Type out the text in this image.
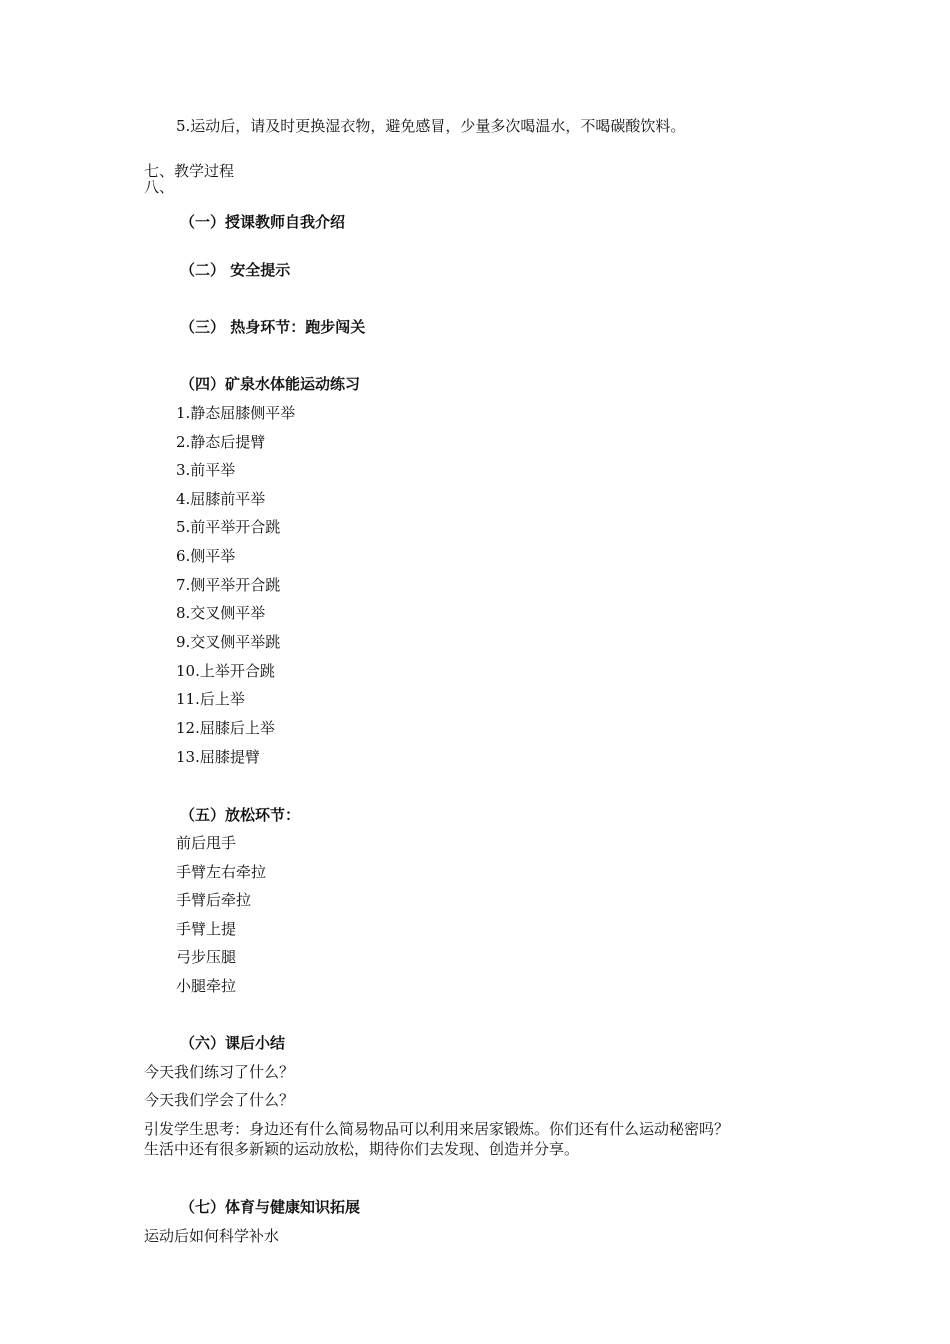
5.运动后，请及时更换湿衣物，避免感冒，少量多次喝温水，不喝碳酸饮料。
七、教学过程
八、
（一）授课教师自我介绍
（二） 安全提示
（三） 热身环节：跑步闯关
（四）矿泉水体能运动练习
1.静态屈膝侧平举
2.静态后提臂
3.前平举
4.屈膝前平举
5.前平举开合跳
6.侧平举
7.侧平举开合跳
8.交叉侧平举
9.交叉侧平举跳
10.上举开合跳
11.后上举
12.屈膝后上举
13.屈膝提臂
（五）放松环节：
前后甩手
手臂左右牵拉
手臂后牵拉
手臂上提
弓步压腿
小腿牵拉
（六）课后小结
今天我们练习了什么？
今天我们学会了什么？
引发学生思考：身边还有什么简易物品可以利用来居家锻炼。你们还有什么运动秘密吗？
生活中还有很多新颖的运动放松，期待你们去发现、创造并分享。
（七）体育与健康知识拓展
运动后如何科学补水
